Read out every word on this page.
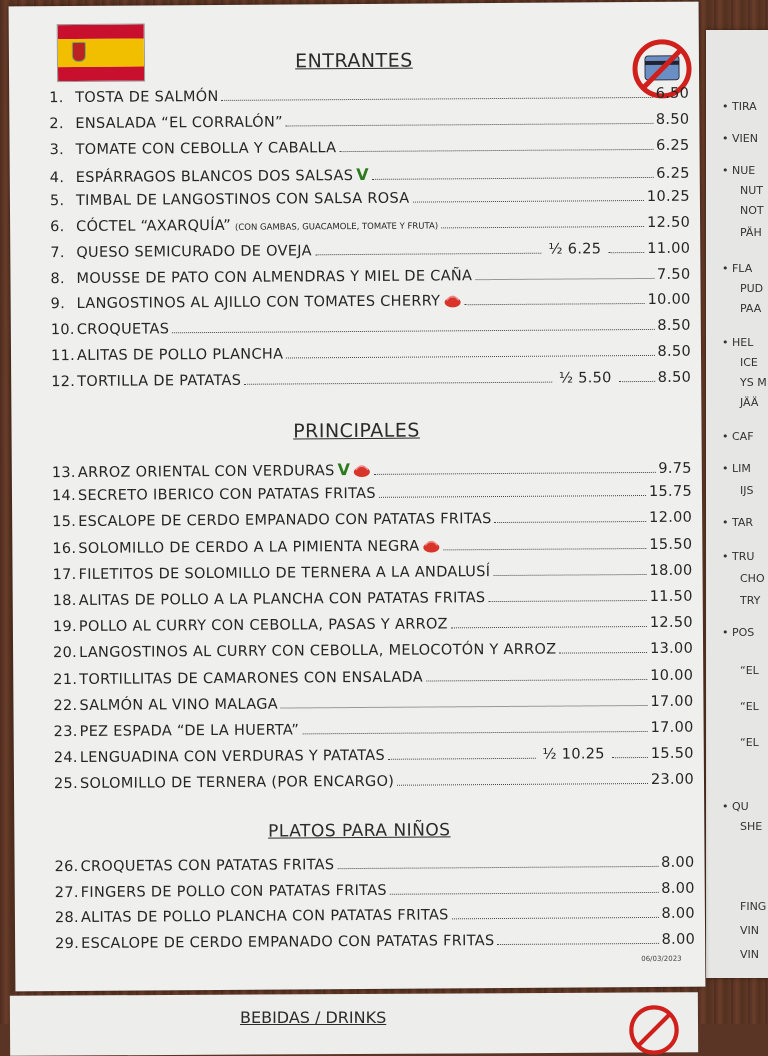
ENTRANTES
1. TOSTA DE SALMÓN	6.50
2. ENSALADA “EL CORRALÓN”	8.50
3. TOMATE CON CEBOLLA Y CABALLA	6.25
4. ESPÁRRAGOS BLANCOS DOS SALSAS V	6.25
5. TIMBAL DE LANGOSTINOS CON SALSA ROSA	10.25
6. CÓCTEL “AXARQUÍA” (CON GAMBAS, GUACAMOLE, TOMATE Y FRUTA)	12.50
7. QUESO SEMICURADO DE OVEJA	½ 6.25	11.00
8. MOUSSE DE PATO CON ALMENDRAS Y MIEL DE CAÑA	7.50
9. LANGOSTINOS AL AJILLO CON TOMATES CHERRY	10.00
10. CROQUETAS	8.50
11. ALITAS DE POLLO PLANCHA	8.50
12. TORTILLA DE PATATAS	½ 5.50	8.50
PRINCIPALES
13. ARROZ ORIENTAL CON VERDURAS V	9.75
14. SECRETO IBERICO CON PATATAS FRITAS	15.75
15. ESCALOPE DE CERDO EMPANADO CON PATATAS FRITAS	12.00
16. SOLOMILLO DE CERDO A LA PIMIENTA NEGRA	15.50
17. FILETITOS DE SOLOMILLO DE TERNERA A LA ANDALUSÍ	18.00
18. ALITAS DE POLLO A LA PLANCHA CON PATATAS FRITAS	11.50
19. POLLO AL CURRY CON CEBOLLA, PASAS Y ARROZ	12.50
20. LANGOSTINOS AL CURRY CON CEBOLLA, MELOCOTÓN Y ARROZ	13.00
21. TORTILLITAS DE CAMARONES CON ENSALADA	10.00
22. SALMÓN AL VINO MALAGA	17.00
23. PEZ ESPADA “DE LA HUERTA”	17.00
24. LENGUADINA CON VERDURAS Y PATATAS	½ 10.25	15.50
25. SOLOMILLO DE TERNERA (POR ENCARGO)	23.00
PLATOS PARA NIÑOS
26. CROQUETAS CON PATATAS FRITAS	8.00
27. FINGERS DE POLLO CON PATATAS FRITAS	8.00
28. ALITAS DE POLLO PLANCHA CON PATATAS FRITAS	8.00
29. ESCALOPE DE CERDO EMPANADO CON PATATAS FRITAS	8.00
06/03/2023
• TIRA
• VIEN
• NUE
NUT
NOT
PÄH
• FLA
PUD
PAA
• HEL
ICE
YS M
JÄÄ
• CAF
• LIM
IJS
• TAR
• TRU
CHO
TRY
• POS
“EL
“EL
“EL
• QU
SHE
FING
VIN
VIN
BEBIDAS / DRINKS
